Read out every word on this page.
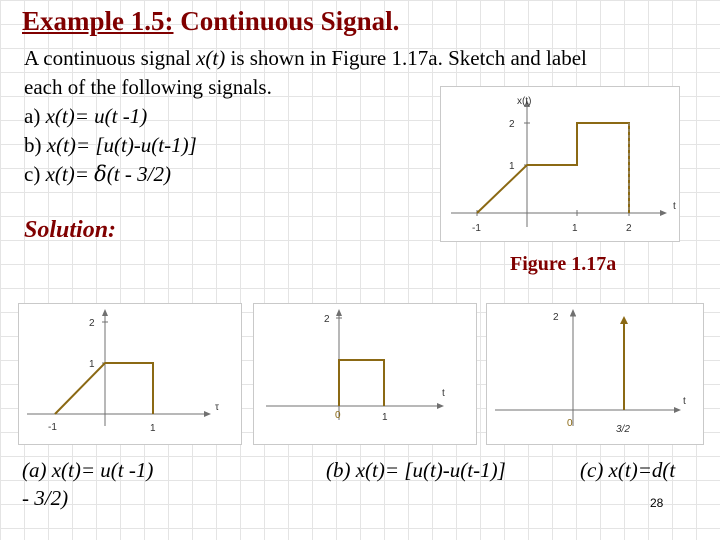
Example 1.5: Continuous Signal.
A continuous signal x(t) is shown in Figure 1.17a. Sketch and label
each of the following signals.
a) x(t)= u(t -1)
b) x(t)= [u(t)-u(t-1)]
c) x(t)= δ(t - 3/2)
Solution:
x(t)
2
1
-1	1	2
t
Figure 1.17a
2
1
-1	1
τ
2
0	1
t
2
0
3/2
t
(a) x(t)= u(t -1)
- 3/2)
(b) x(t)= [u(t)-u(t-1)]	(c) x(t)=d(t
28
